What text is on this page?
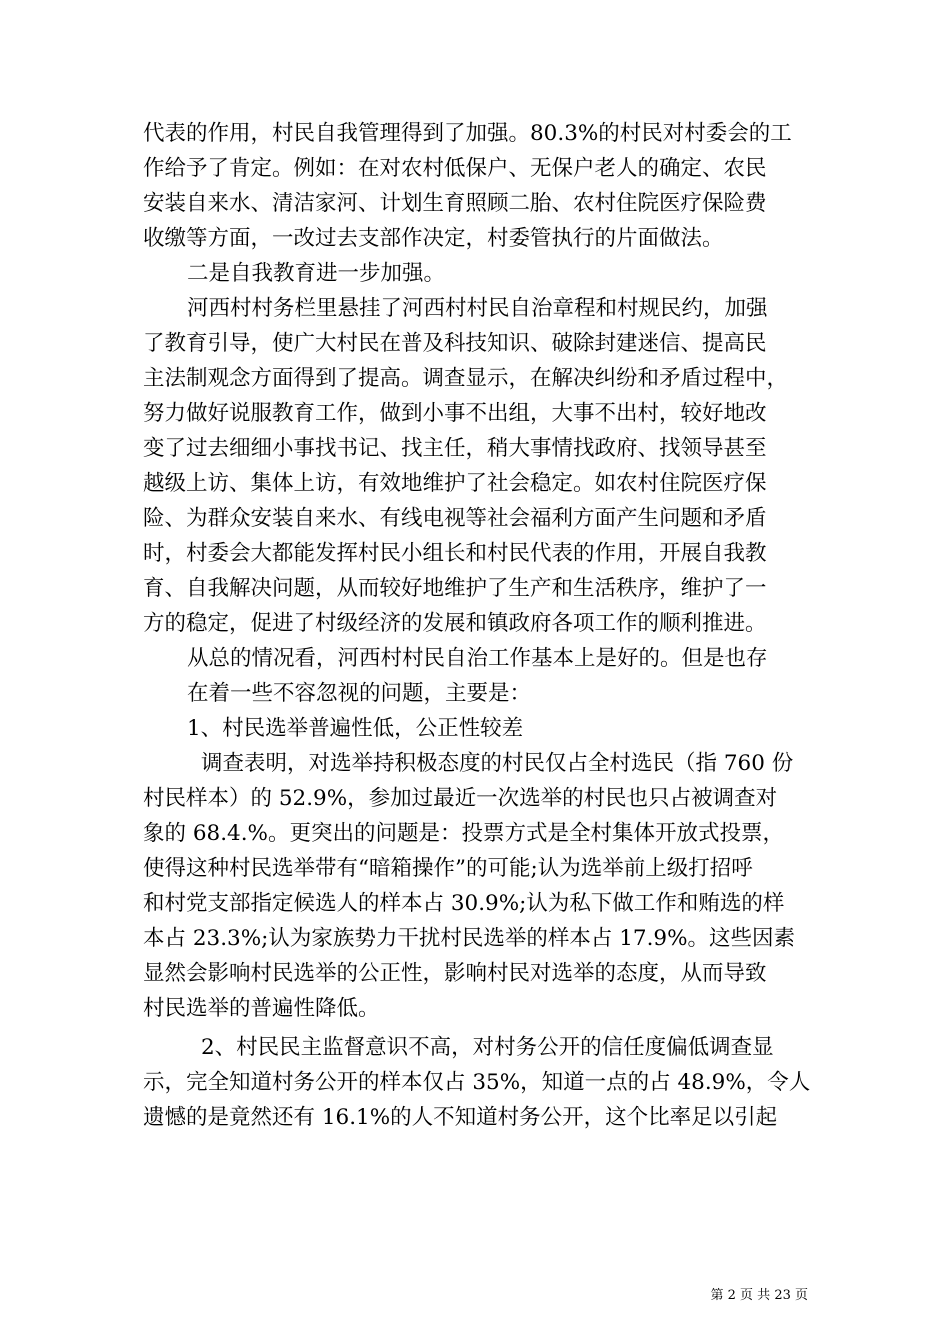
代表的作用，村民自我管理得到了加强。80.3%的村民对村委会的工
作给予了肯定。例如：在对农村低保户、无保户老人的确定、农民
安装自来水、清洁家河、计划生育照顾二胎、农村住院医疗保险费
收缴等方面，一改过去支部作决定，村委管执行的片面做法。
二是自我教育进一步加强。
河西村村务栏里悬挂了河西村村民自治章程和村规民约，加强
了教育引导，使广大村民在普及科技知识、破除封建迷信、提高民
主法制观念方面得到了提高。调查显示，在解决纠纷和矛盾过程中，
努力做好说服教育工作，做到小事不出组，大事不出村，较好地改
变了过去细细小事找书记、找主任，稍大事情找政府、找领导甚至
越级上访、集体上访，有效地维护了社会稳定。如农村住院医疗保
险、为群众安装自来水、有线电视等社会福利方面产生问题和矛盾
时，村委会大都能发挥村民小组长和村民代表的作用，开展自我教
育、自我解决问题，从而较好地维护了生产和生活秩序，维护了一
方的稳定，促进了村级经济的发展和镇政府各项工作的顺利推进。
从总的情况看，河西村村民自治工作基本上是好的。但是也存
在着一些不容忽视的问题，主要是：
1、村民选举普遍性低，公正性较差
调查表明，对选举持积极态度的村民仅占全村选民（指 760 份
村民样本）的 52.9%，参加过最近一次选举的村民也只占被调查对
象的 68.4.%。更突出的问题是：投票方式是全村集体开放式投票，
使得这种村民选举带有“暗箱操作”的可能;认为选举前上级打招呼
和村党支部指定候选人的样本占 30.9%;认为私下做工作和贿选的样
本占 23.3%;认为家族势力干扰村民选举的样本占 17.9%。这些因素
显然会影响村民选举的公正性，影响村民对选举的态度，从而导致
村民选举的普遍性降低。
2、村民民主监督意识不高，对村务公开的信任度偏低调查显
示，完全知道村务公开的样本仅占 35%，知道一点的占 48.9%，令人
遗憾的是竟然还有 16.1%的人不知道村务公开，这个比率足以引起
第 2 页 共 23 页
